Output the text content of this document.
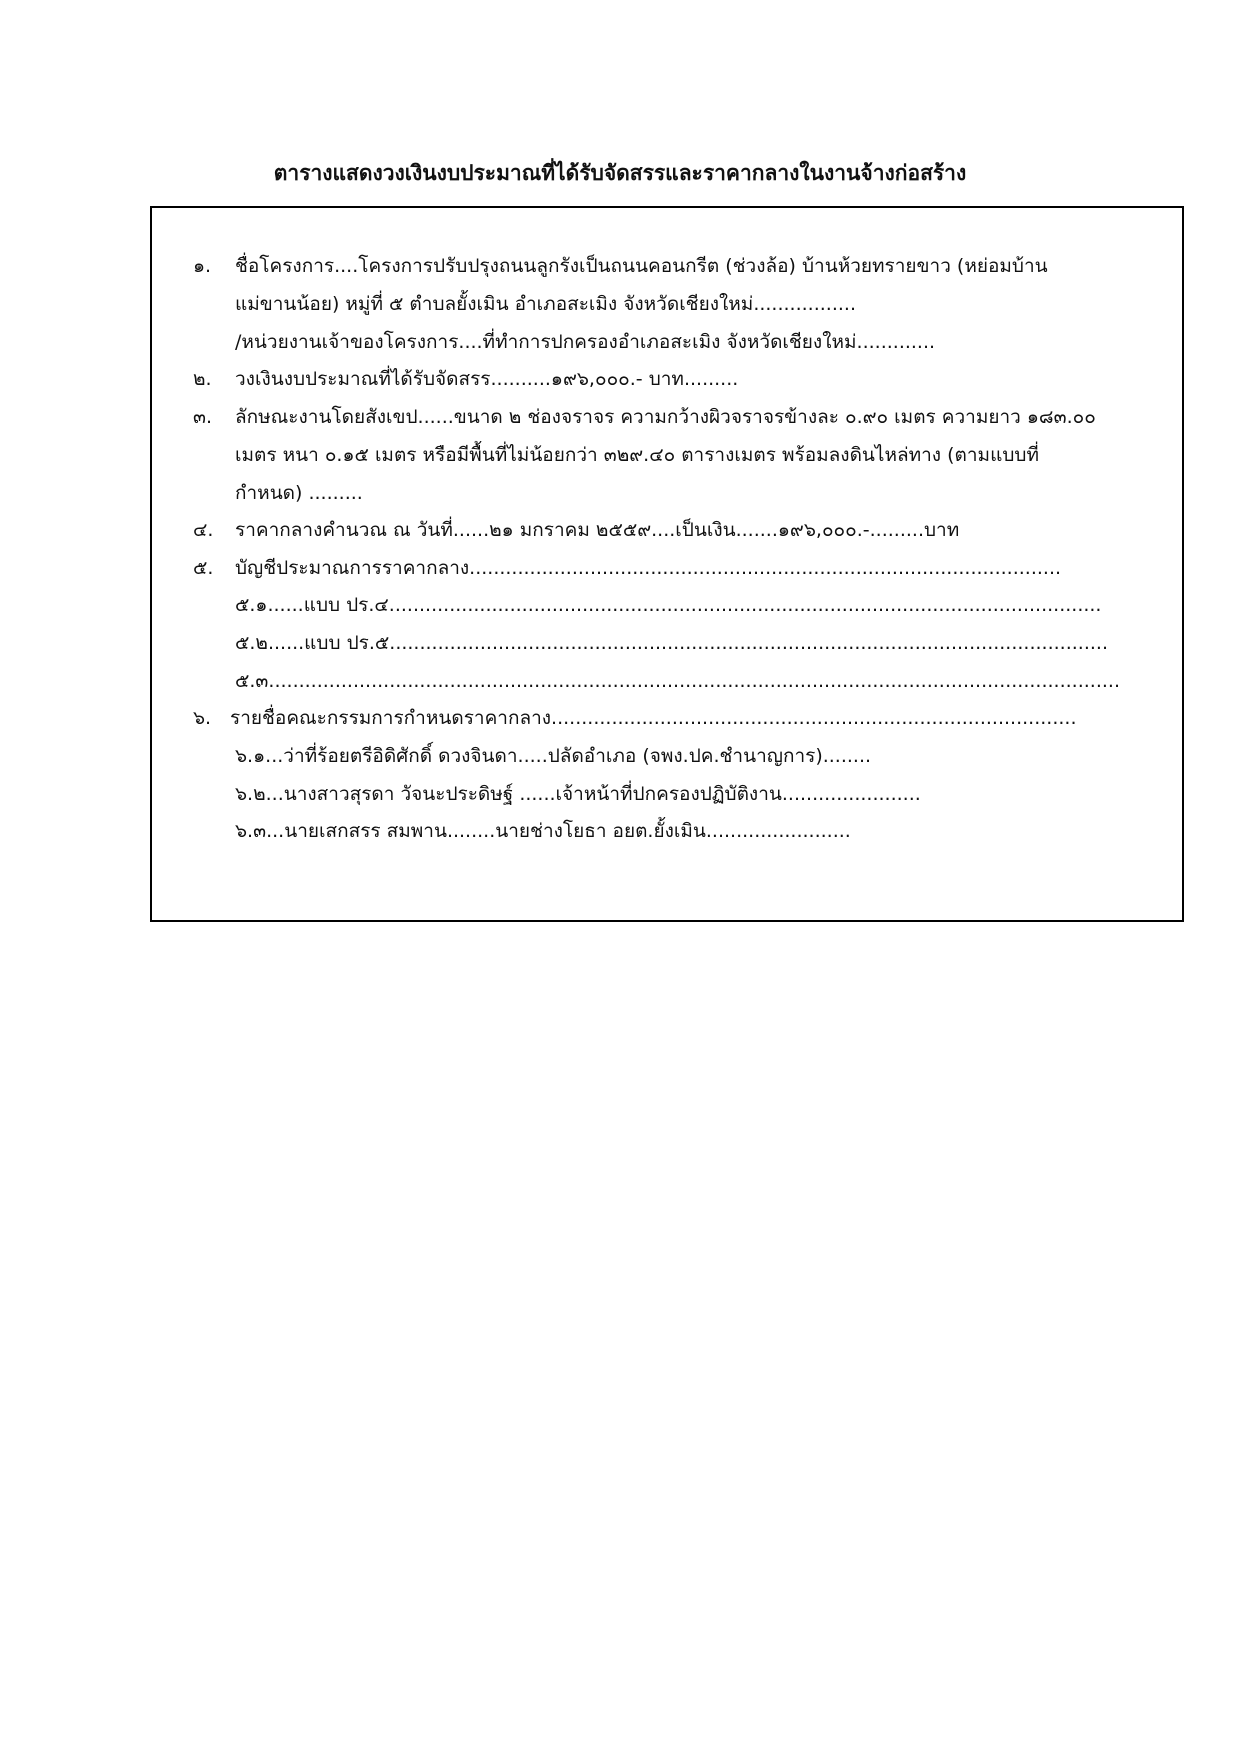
ตารางแสดงวงเงินงบประมาณที่ได้รับจัดสรรและราคากลางในงานจ้างก่อสร้าง
๑. ชื่อโครงการ....โครงการปรับปรุงถนนลูกรังเป็นถนนคอนกรีต (ช่วงล้อ) บ้านห้วยทรายขาว (หย่อมบ้าน
แม่ขานน้อย) หมู่ที่ ๕ ตำบลยั้งเมิน อำเภอสะเมิง จังหวัดเชียงใหม่.................
/หน่วยงานเจ้าของโครงการ....ที่ทำการปกครองอำเภอสะเมิง จังหวัดเชียงใหม่.............
๒. วงเงินงบประมาณที่ได้รับจัดสรร..........๑๙๖,๐๐๐.- บาท.........
๓. ลักษณะงานโดยสังเขป......ขนาด ๒ ช่องจราจร ความกว้างผิวจราจรข้างละ ๐.๙๐ เมตร ความยาว ๑๘๓.๐๐
เมตร หนา ๐.๑๕ เมตร หรือมีพื้นที่ไม่น้อยกว่า ๓๒๙.๔๐ ตารางเมตร พร้อมลงดินไหล่ทาง (ตามแบบที่
กำหนด) .........
๔. ราคากลางคำนวณ ณ วันที่......๒๑ มกราคม ๒๕๕๙....เป็นเงิน.......๑๙๖,๐๐๐.-.........บาท
๕. บัญชีประมาณการราคากลาง..................................................................................................
๕.๑......แบบ ปร.๔......................................................................................................................
๕.๒......แบบ ปร.๕.......................................................................................................................
๕.๓.............................................................................................................................................
๖. รายชื่อคณะกรรมการกำหนดราคากลาง.......................................................................................
๖.๑...ว่าที่ร้อยตรีอิดิศักดิ์ ดวงจินดา.....ปลัดอำเภอ (จพง.ปค.ชำนาญการ)........
๖.๒...นางสาวสุรดา วัจนะประดิษฐ์ ......เจ้าหน้าที่ปกครองปฏิบัติงาน.......................
๖.๓...นายเสกสรร สมพาน........นายช่างโยธา อยต.ยั้งเมิน........................
